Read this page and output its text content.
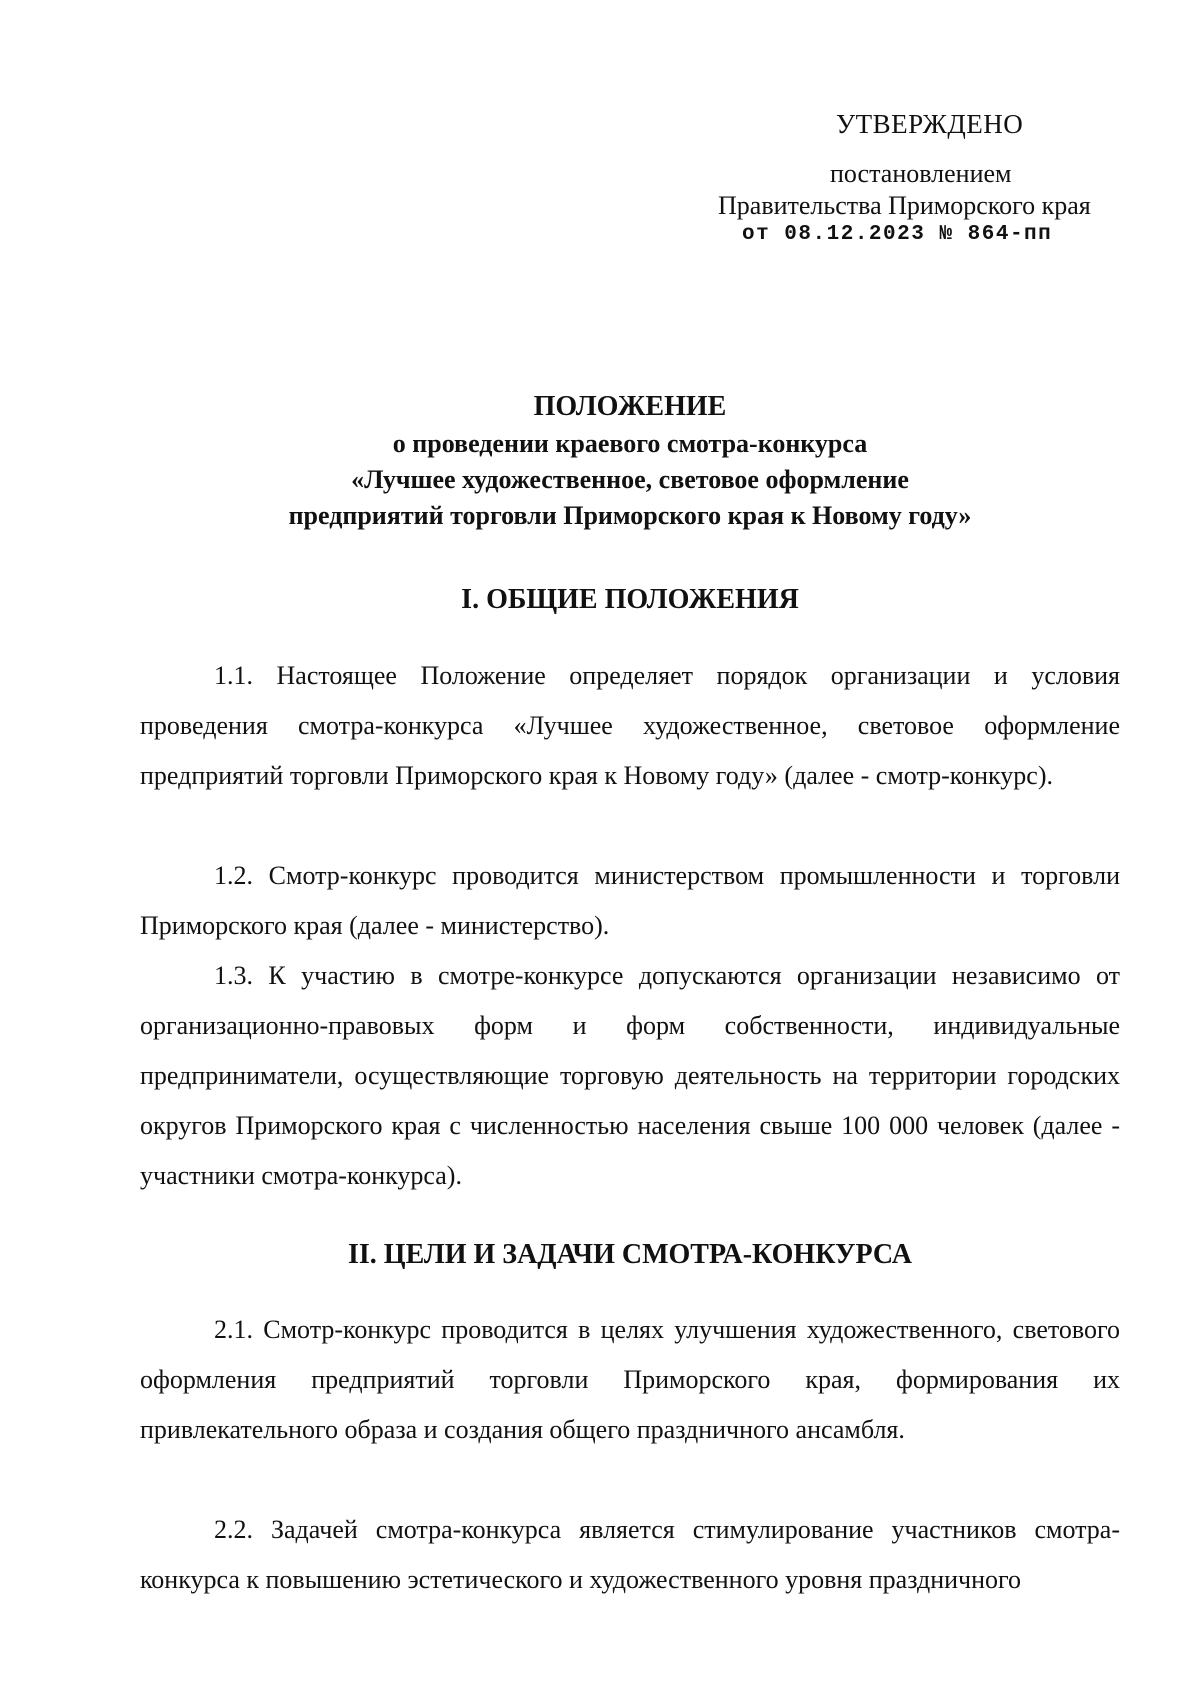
УТВЕРЖДЕНО
постановлением
Правительства Приморского края
от 08.12.2023 № 864-пп
ПОЛОЖЕНИЕ
о проведении краевого смотра-конкурса
«Лучшее художественное, световое оформление
предприятий торговли Приморского края к Новому году»
I. ОБЩИЕ ПОЛОЖЕНИЯ
1.1. Настоящее Положение определяет порядок организации и условия проведения смотра-конкурса «Лучшее художественное, световое оформление предприятий торговли Приморского края к Новому году» (далее - смотр-конкурс).
1.2. Смотр-конкурс проводится министерством промышленности и торговли Приморского края (далее - министерство).
1.3. К участию в смотре-конкурсе допускаются организации независимо от организационно-правовых форм и форм собственности, индивидуальные предприниматели, осуществляющие торговую деятельность на территории городских округов Приморского края с численностью населения свыше 100 000 человек (далее - участники смотра-конкурса).
II. ЦЕЛИ И ЗАДАЧИ СМОТРА-КОНКУРСА
2.1. Смотр-конкурс проводится в целях улучшения художественного, светового оформления предприятий торговли Приморского края, формирования их привлекательного образа и создания общего праздничного ансамбля.
2.2. Задачей смотра-конкурса является стимулирование участников смотра-конкурса к повышению эстетического и художественного уровня праздничного
